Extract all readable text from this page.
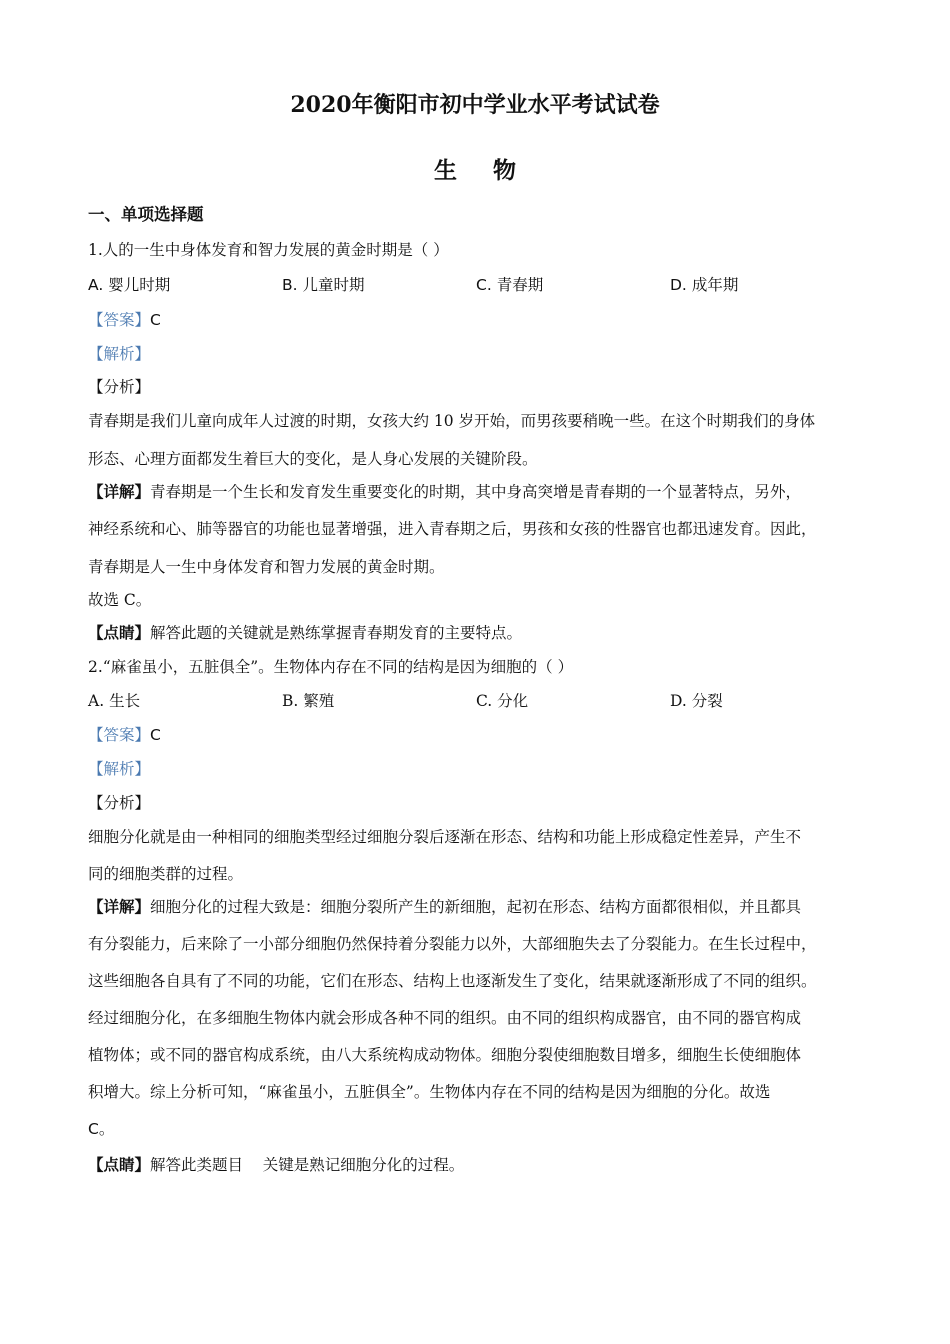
2020年衡阳市初中学业水平考试试卷
生 物
一、单项选择题
1.人的一生中身体发育和智力发展的黄金时期是（ ）
A. 婴儿时期	B. 儿童时期	C. 青春期	D. 成年期
【答案】C
【解析】
【分析】
青春期是我们儿童向成年人过渡的时期，女孩大约 10 岁开始，而男孩要稍晚一些。在这个时期我们的身体
形态、心理方面都发生着巨大的变化，是人身心发展的关键阶段。
【详解】青春期是一个生长和发育发生重要变化的时期，其中身高突增是青春期的一个显著特点，另外，
神经系统和心、肺等器官的功能也显著增强，进入青春期之后，男孩和女孩的性器官也都迅速发育。因此，
青春期是人一生中身体发育和智力发展的黄金时期。
故选 C。
【点睛】解答此题的关键就是熟练掌握青春期发育的主要特点。
2.“麻雀虽小，五脏俱全”。生物体内存在不同的结构是因为细胞的（ ）
A. 生长	B. 繁殖	C. 分化	D. 分裂
【答案】C
【解析】
【分析】
细胞分化就是由一种相同的细胞类型经过细胞分裂后逐渐在形态、结构和功能上形成稳定性差异，产生不
同的细胞类群的过程。
【详解】细胞分化的过程大致是：细胞分裂所产生的新细胞，起初在形态、结构方面都很相似，并且都具
有分裂能力，后来除了一小部分细胞仍然保持着分裂能力以外，大部细胞失去了分裂能力。在生长过程中，
这些细胞各自具有了不同的功能，它们在形态、结构上也逐渐发生了变化，结果就逐渐形成了不同的组织。
经过细胞分化，在多细胞生物体内就会形成各种不同的组织。由不同的组织构成器官，由不同的器官构成
植物体；或不同的器官构成系统，由八大系统构成动物体。细胞分裂使细胞数目增多，细胞生长使细胞体
积增大。综上分析可知，“麻雀虽小，五脏俱全”。生物体内存在不同的结构是因为细胞的分化。故选
C。
【点睛】解答此类题目    关键是熟记细胞分化的过程。
